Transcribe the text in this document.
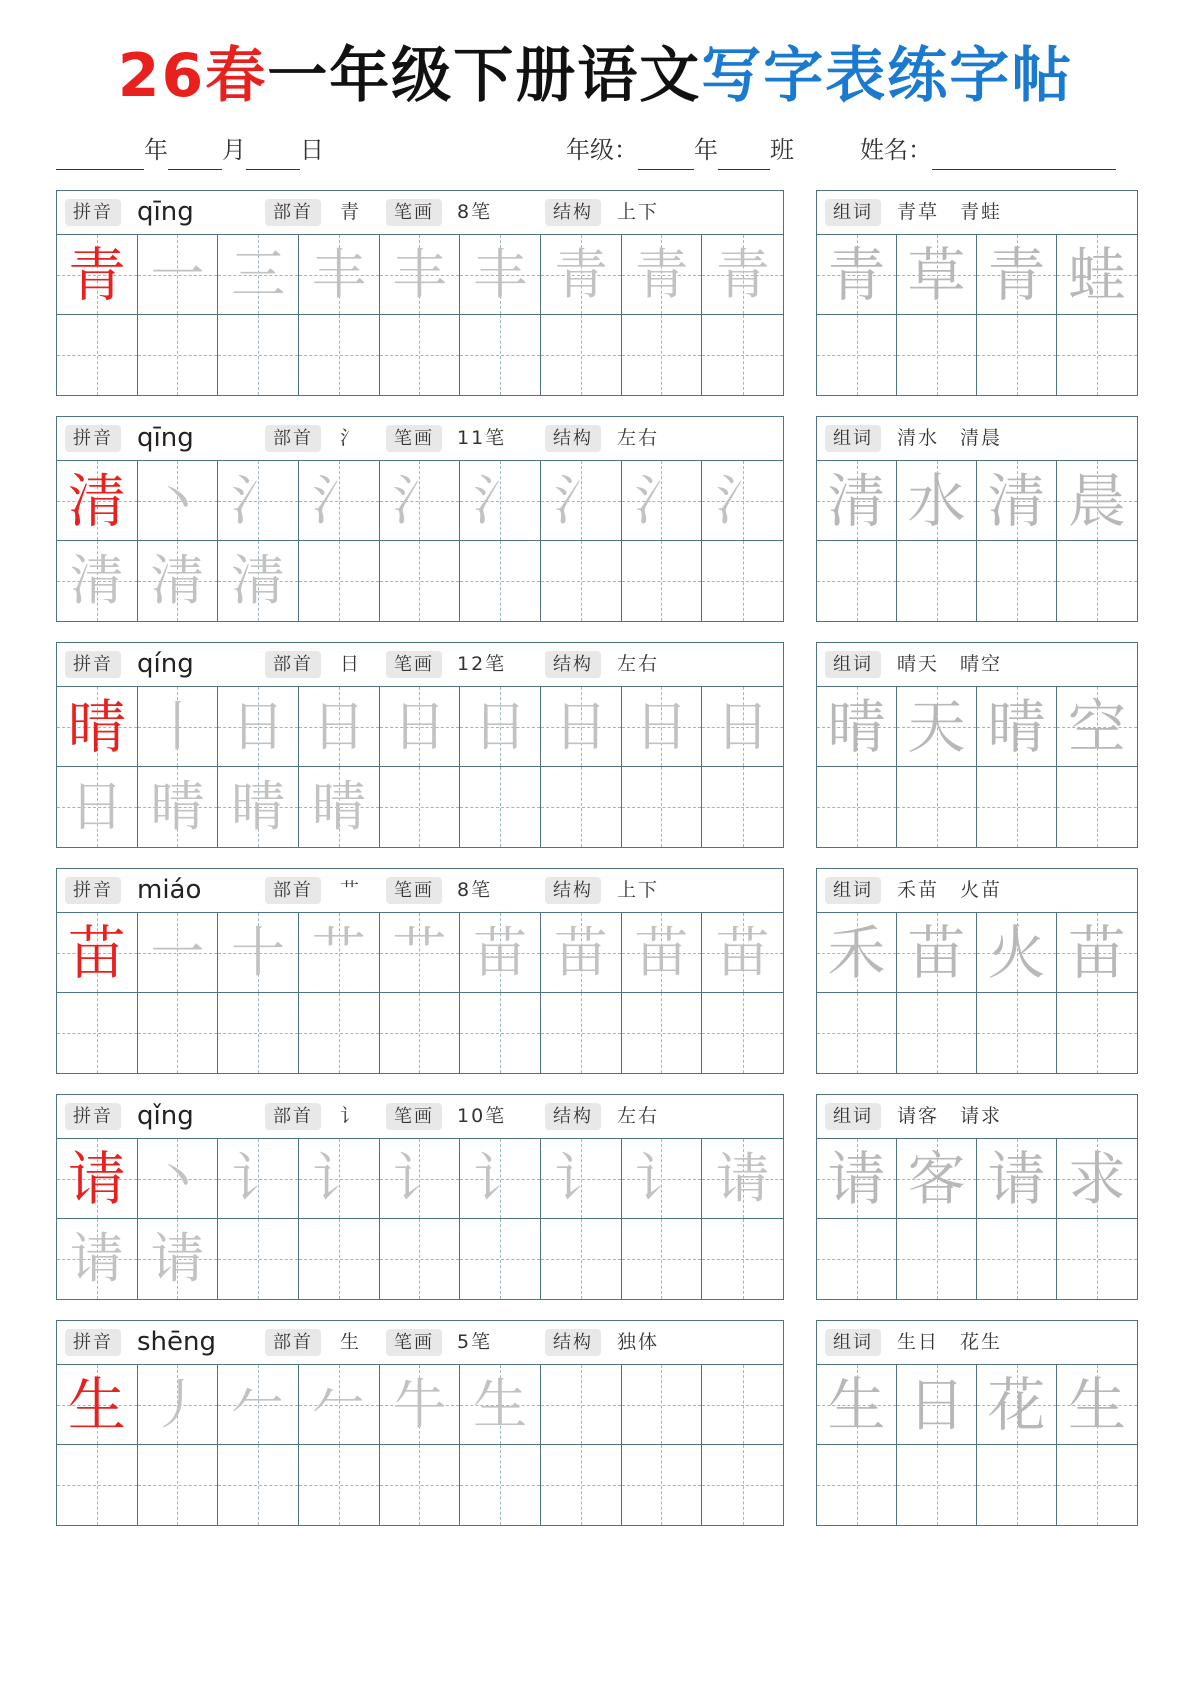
26春一年级下册语文写字表练字帖
年 月 日	年级： 年 班	姓名：
拼音 qīng	部首	青	笔画	8笔	结构	上下
青 一 三 丰 丰 丰 青 青 青
组词	青草　青蛙
青 草 青 蛙
拼音 qīng	部首	氵	笔画	11笔	结构	左右
清 丶 氵 氵 氵 氵 氵 氵 氵
清 清 清
组词	清水　清晨
清 水 清 晨
拼音 qíng	部首	日	笔画	12笔	结构	左右
晴 丨 日 日 日 日 日 日 日
日 晴 晴 晴
组词	晴天　晴空
晴 天 晴 空
拼音 miáo	部首	艹	笔画	8笔	结构	上下
苗 一 十 艹 艹 苗 苗 苗 苗
组词	禾苗　火苗
禾 苗 火 苗
拼音 qǐng	部首	讠	笔画	10笔	结构	左右
请 丶 讠 讠 讠 讠 讠 讠 请
请 请
组词	请客　请求
请 客 请 求
拼音 shēng	部首	生	笔画	5笔	结构	独体
生 丿 𠂉 𠂉 牛 生
组词	生日　花生
生 日 花 生
